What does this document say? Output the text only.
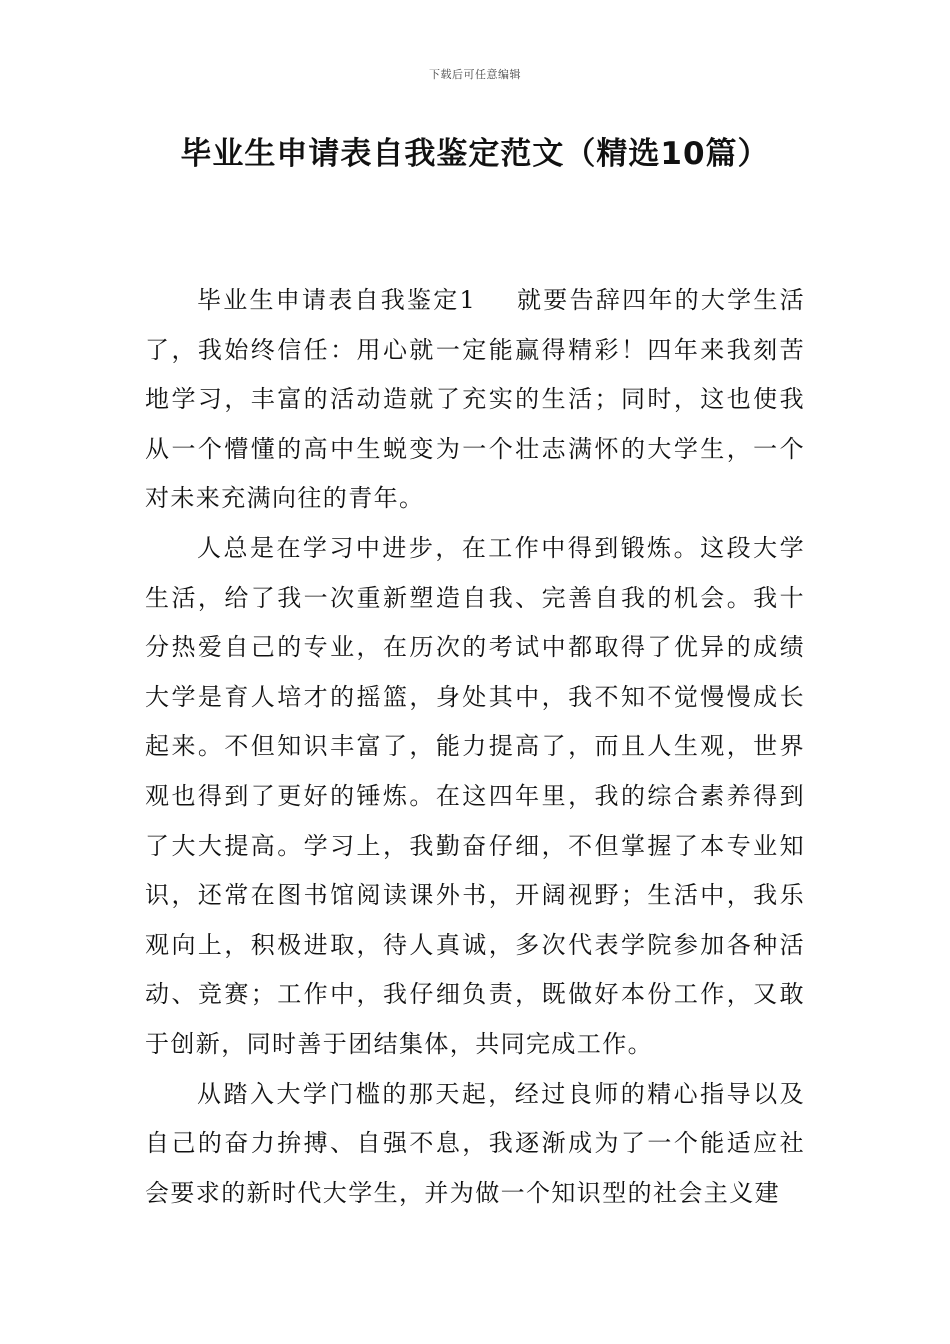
下载后可任意编辑
毕业生申请表自我鉴定范文（精选10篇）

毕业生申请表自我鉴定1 就要告辞四年的大学生活了，我始终信任：用心就一定能赢得精彩！四年来我刻苦地学习，丰富的活动造就了充实的生活；同时，这也使我从一个懵懂的高中生蜕变为一个壮志满怀的大学生，一个对未来充满向往的青年。

人总是在学习中进步，在工作中得到锻炼。这段大学生活，给了我一次重新塑造自我、完善自我的机会。我十分热爱自己的专业，在历次的考试中都取得了优异的成绩大学是育人培才的摇篮，身处其中，我不知不觉慢慢成长起来。不但知识丰富了，能力提高了，而且人生观，世界观也得到了更好的锤炼。在这四年里，我的综合素养得到了大大提高。学习上，我勤奋仔细，不但掌握了本专业知识，还常在图书馆阅读课外书，开阔视野；生活中，我乐观向上，积极进取，待人真诚，多次代表学院参加各种活动、竞赛；工作中，我仔细负责，既做好本份工作，又敢于创新，同时善于团结集体，共同完成工作。

从踏入大学门槛的那天起，经过良师的精心指导以及自己的奋力拚搏、自强不息，我逐渐成为了一个能适应社会要求的新时代大学生，并为做一个知识型的社会主义建
